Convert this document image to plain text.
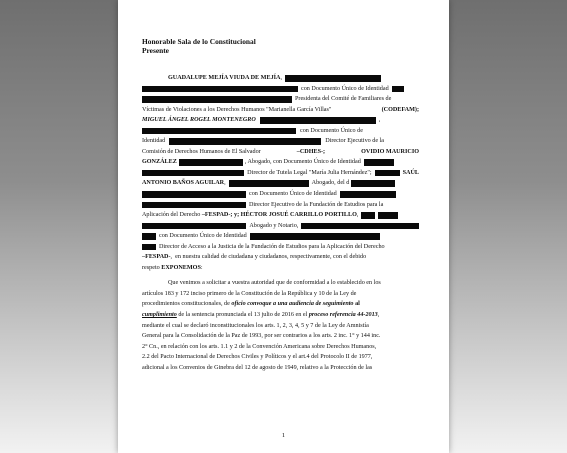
Honorable Sala de lo Constitucional
Presente
GUADALUPE MEJÍA VIUDA DE MEJÍA ,
con Documento Único de Identidad
Presidenta del Comité de Familiares de
Víctimas de Violaciones a los Derechos Humanos "Marianella García Villas"	(CODEFAM);
MIGUEL ÁNGEL ROGEL MONTENEGRO	,
con Documento Único de
Identidad	Director Ejecutivo de la
Comisión de Derechos Humanos de El Salvador	–CDHES-;	OVIDIO MAURICIO
GONZÁLEZ	, Abogado, con Documento Único de Identidad
Director de Tutela Legal "María Julia Hernández";	SAÚL
ANTONIO BAÑOS AGUILAR ,	Abogado, del d
con Documento Único de Identidad
Director Ejecutivo de la Fundación de Estudios para la
Aplicación del Derecho
–FESPAD-;
y;
HÉCTOR JOSUÉ CARRILLO PORTILLO ,
Abogado y Notario,
con Documento Único de Identidad
Director de Acceso a la Justicia de la Fundación de Estudios para la Aplicación del Derecho
–FESPAD- ,
en nuestra calidad de ciudadana y ciudadanos, respectivamente, con el debido
respeto
EXPONEMOS :
Que venimos a solicitar a vuestra autoridad que de conformidad a lo establecido en los
artículos 183 y 172 inciso primero de la Constitución de la República y 10 de la Ley de
procedimientos constitucionales, de
oficio convoque a una audiencia de seguimiento
al
cumplimiento
de la sentencia pronunciada el 13 julio de 2016 en el
proceso referencia 44-2013 ,
mediante el cual se declaró inconstitucionales los arts. 1, 2, 3, 4, 5 y 7 de la Ley de Amnistía
General para la Consolidación de la Paz de 1993, por ser contrarios a los arts. 2 inc. 1° y 144 inc.
2° Cn., en relación con los arts. 1.1 y 2 de la Convención Americana sobre Derechos Humanos,
2.2 del Pacto Internacional de Derechos Civiles y Políticos y el art.4 del Protocolo II de 1977,
adicional a los Convenios de Ginebra del 12 de agosto de 1949, relativo a la Protección de las
1
